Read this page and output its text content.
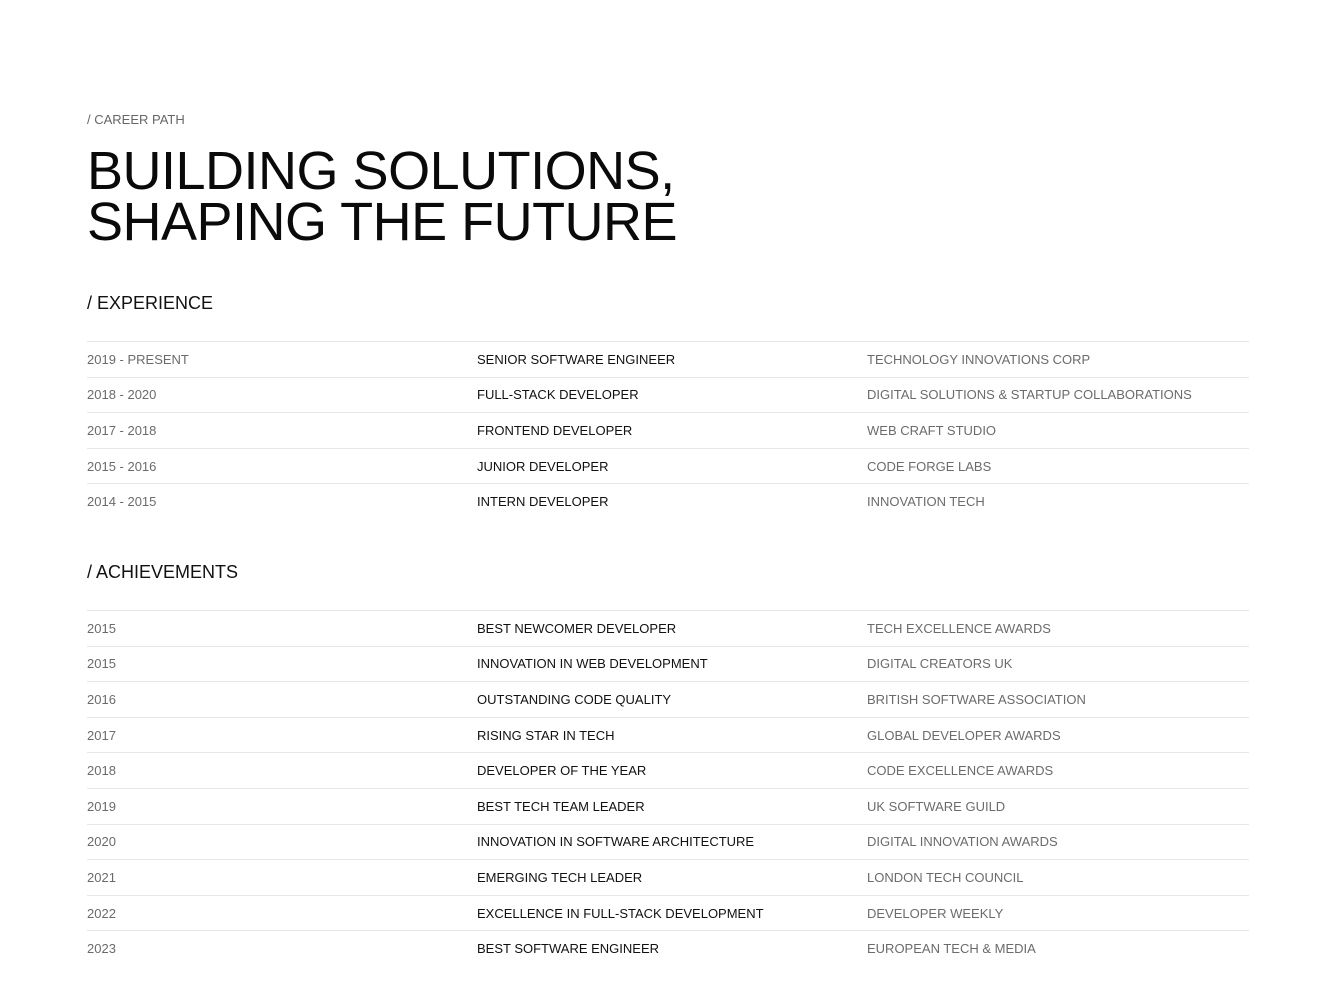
/ CAREER PATH
BUILDING SOLUTIONS,
SHAPING THE FUTURE
/ EXPERIENCE
2019 - PRESENT	SENIOR SOFTWARE ENGINEER	TECHNOLOGY INNOVATIONS CORP
2018 - 2020	FULL-STACK DEVELOPER	DIGITAL SOLUTIONS & STARTUP COLLABORATIONS
2017 - 2018	FRONTEND DEVELOPER	WEB CRAFT STUDIO
2015 - 2016	JUNIOR DEVELOPER	CODE FORGE LABS
2014 - 2015	INTERN DEVELOPER	INNOVATION TECH
/ ACHIEVEMENTS
2015	BEST NEWCOMER DEVELOPER	TECH EXCELLENCE AWARDS
2015	INNOVATION IN WEB DEVELOPMENT	DIGITAL CREATORS UK
2016	OUTSTANDING CODE QUALITY	BRITISH SOFTWARE ASSOCIATION
2017	RISING STAR IN TECH	GLOBAL DEVELOPER AWARDS
2018	DEVELOPER OF THE YEAR	CODE EXCELLENCE AWARDS
2019	BEST TECH TEAM LEADER	UK SOFTWARE GUILD
2020	INNOVATION IN SOFTWARE ARCHITECTURE	DIGITAL INNOVATION AWARDS
2021	EMERGING TECH LEADER	LONDON TECH COUNCIL
2022	EXCELLENCE IN FULL-STACK DEVELOPMENT	DEVELOPER WEEKLY
2023	BEST SOFTWARE ENGINEER	EUROPEAN TECH & MEDIA
